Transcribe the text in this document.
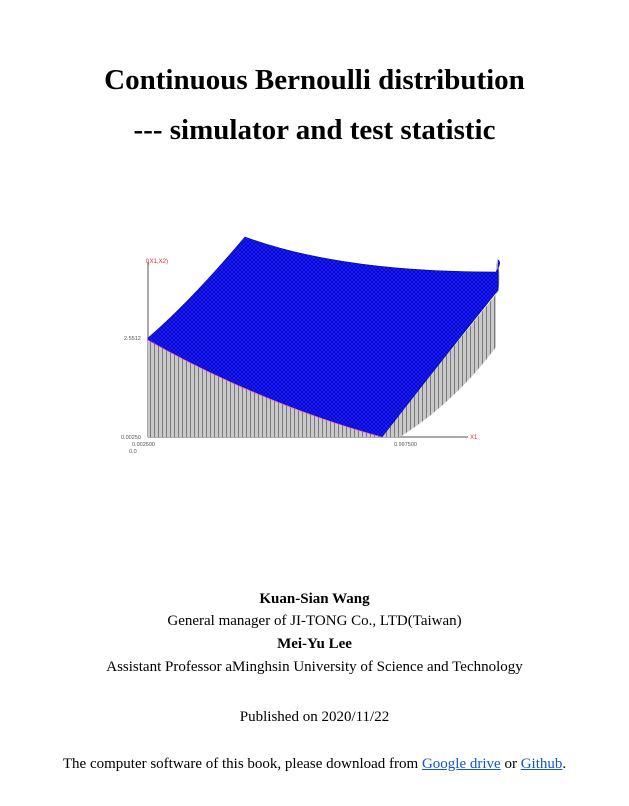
Continuous Bernoulli distribution
--- simulator and test statistic
f(X1,X2)
2.5512
0.00250
0.0
0.002500	0.997500
X1
Kuan-Sian Wang
General manager of JI-TONG Co., LTD(Taiwan)
Mei-Yu Lee
Assistant Professor aMinghsin University of Science and Technology
Published on 2020/11/22
The computer software of this book, please download from Google drive or Github.
